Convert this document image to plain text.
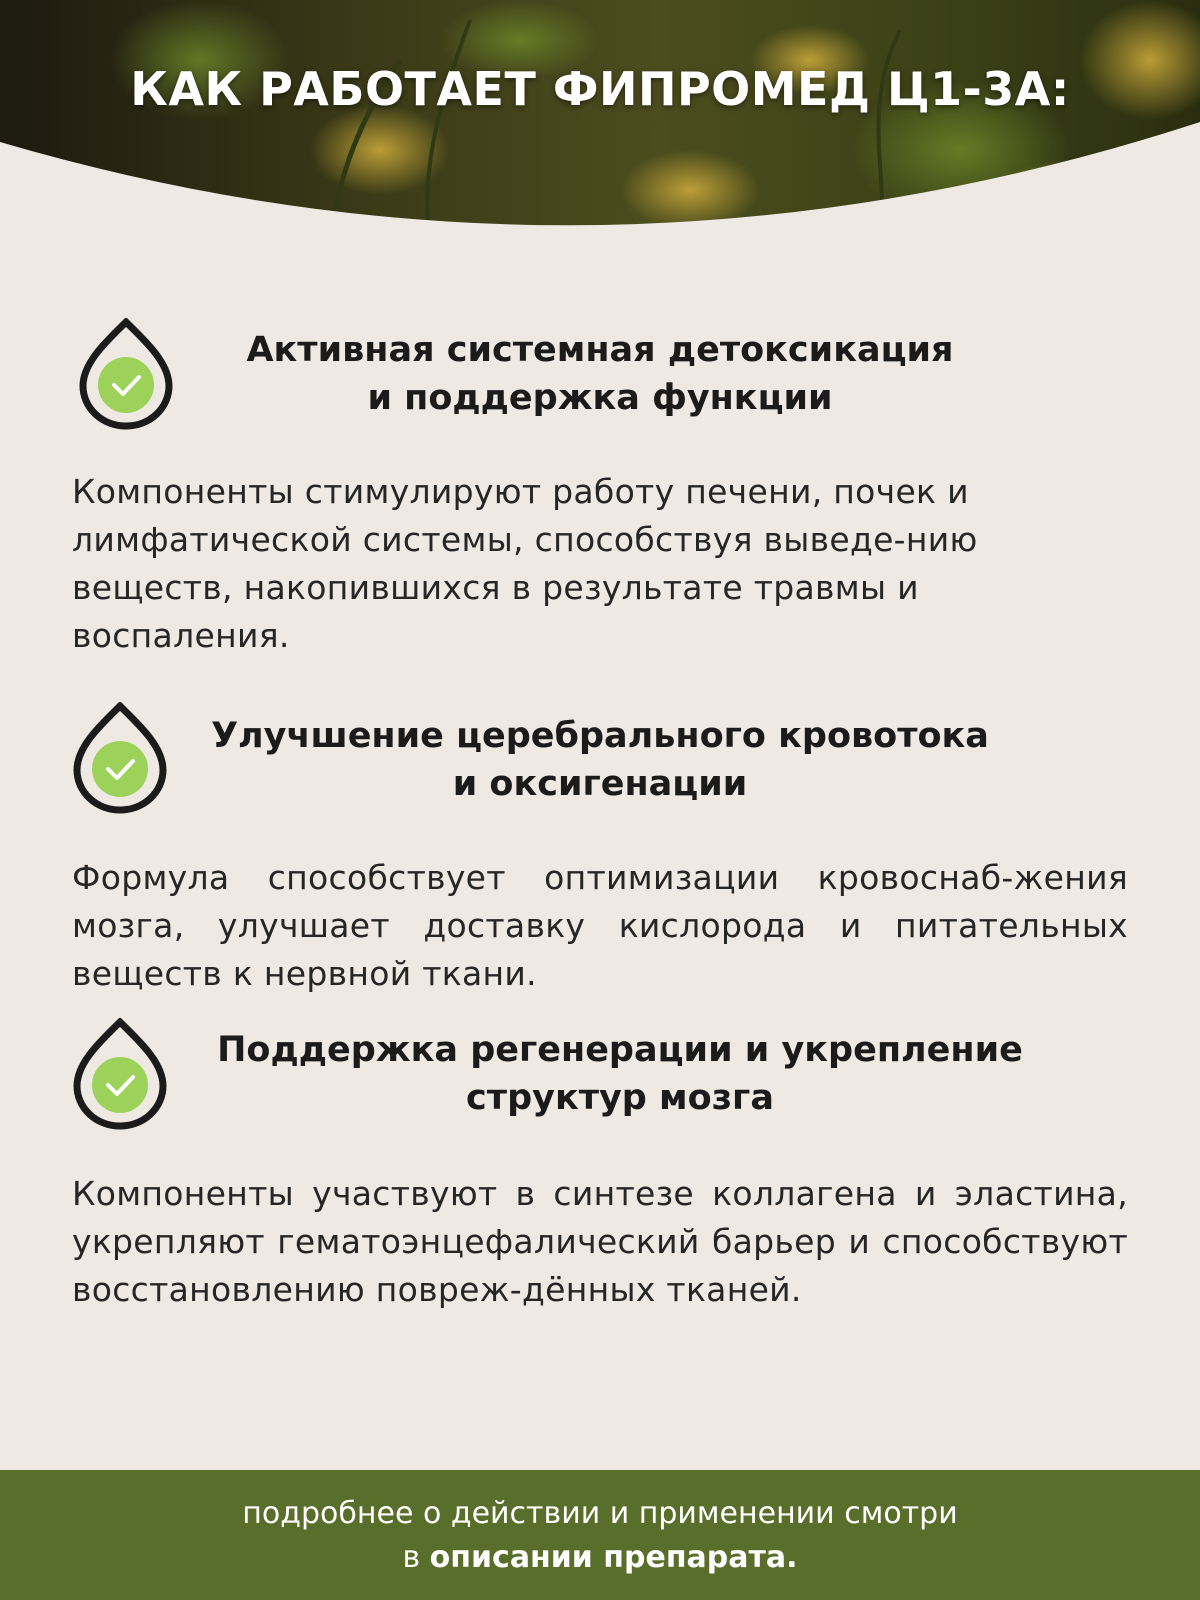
КАК РАБОТАЕТ ФИПРОМЕД Ц1-3А:
Активная системная детоксикация
и поддержка функции
Компоненты стимулируют работу печени, почек и лимфатической системы, способствуя выведе-нию веществ, накопившихся в результате травмы и воспаления.
Улучшение церебрального кровотока
и оксигенации
Формула способствует оптимизации кровоснаб-жения мозга, улучшает доставку кислорода и питательных веществ к нервной ткани.
Поддержка регенерации и укрепление
структур мозга
Компоненты участвуют в синтезе коллагена и эластина, укрепляют гематоэнцефалический барьер и способствуют восстановлению повреж-дённых тканей.
подробнее о действии и применении смотри
в описании препарата.
